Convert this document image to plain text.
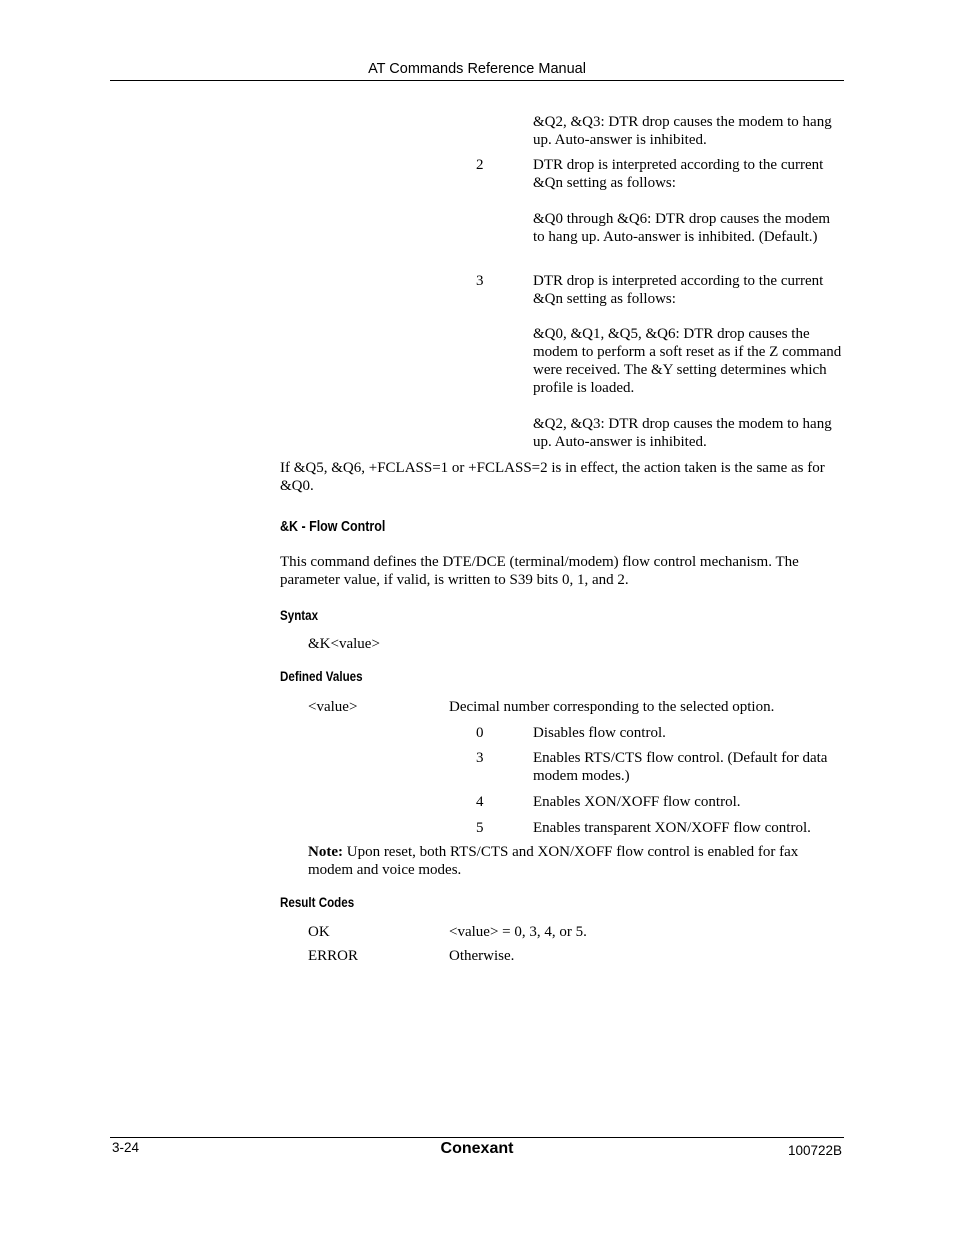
AT Commands Reference Manual
&Q2, &Q3: DTR drop causes the modem to hang up. Auto-answer is inhibited.
2	DTR drop is interpreted according to the current &Qn setting as follows:
&Q0 through &Q6: DTR drop causes the modem to hang up. Auto-answer is inhibited. (Default.)
3	DTR drop is interpreted according to the current &Qn setting as follows:
&Q0, &Q1, &Q5, &Q6: DTR drop causes the modem to perform a soft reset as if the Z command were received. The &Y setting determines which profile is loaded.
&Q2, &Q3: DTR drop causes the modem to hang up. Auto-answer is inhibited.
If &Q5, &Q6, +FCLASS=1 or +FCLASS=2 is in effect, the action taken is the same as for &Q0.
&K - Flow Control
This command defines the DTE/DCE (terminal/modem) flow control mechanism. The parameter value, if valid, is written to S39 bits 0, 1, and 2.
Syntax
&K<value>
Defined Values
<value>	Decimal number corresponding to the selected option.
0	Disables flow control.
3	Enables RTS/CTS flow control. (Default for data modem modes.)
4	Enables XON/XOFF flow control.
5	Enables transparent XON/XOFF flow control.
Note: Upon reset, both RTS/CTS and XON/XOFF flow control is enabled for fax modem and voice modes.
Result Codes
OK	<value> = 0, 3, 4, or 5.
ERROR	Otherwise.
3-24	Conexant	100722B
